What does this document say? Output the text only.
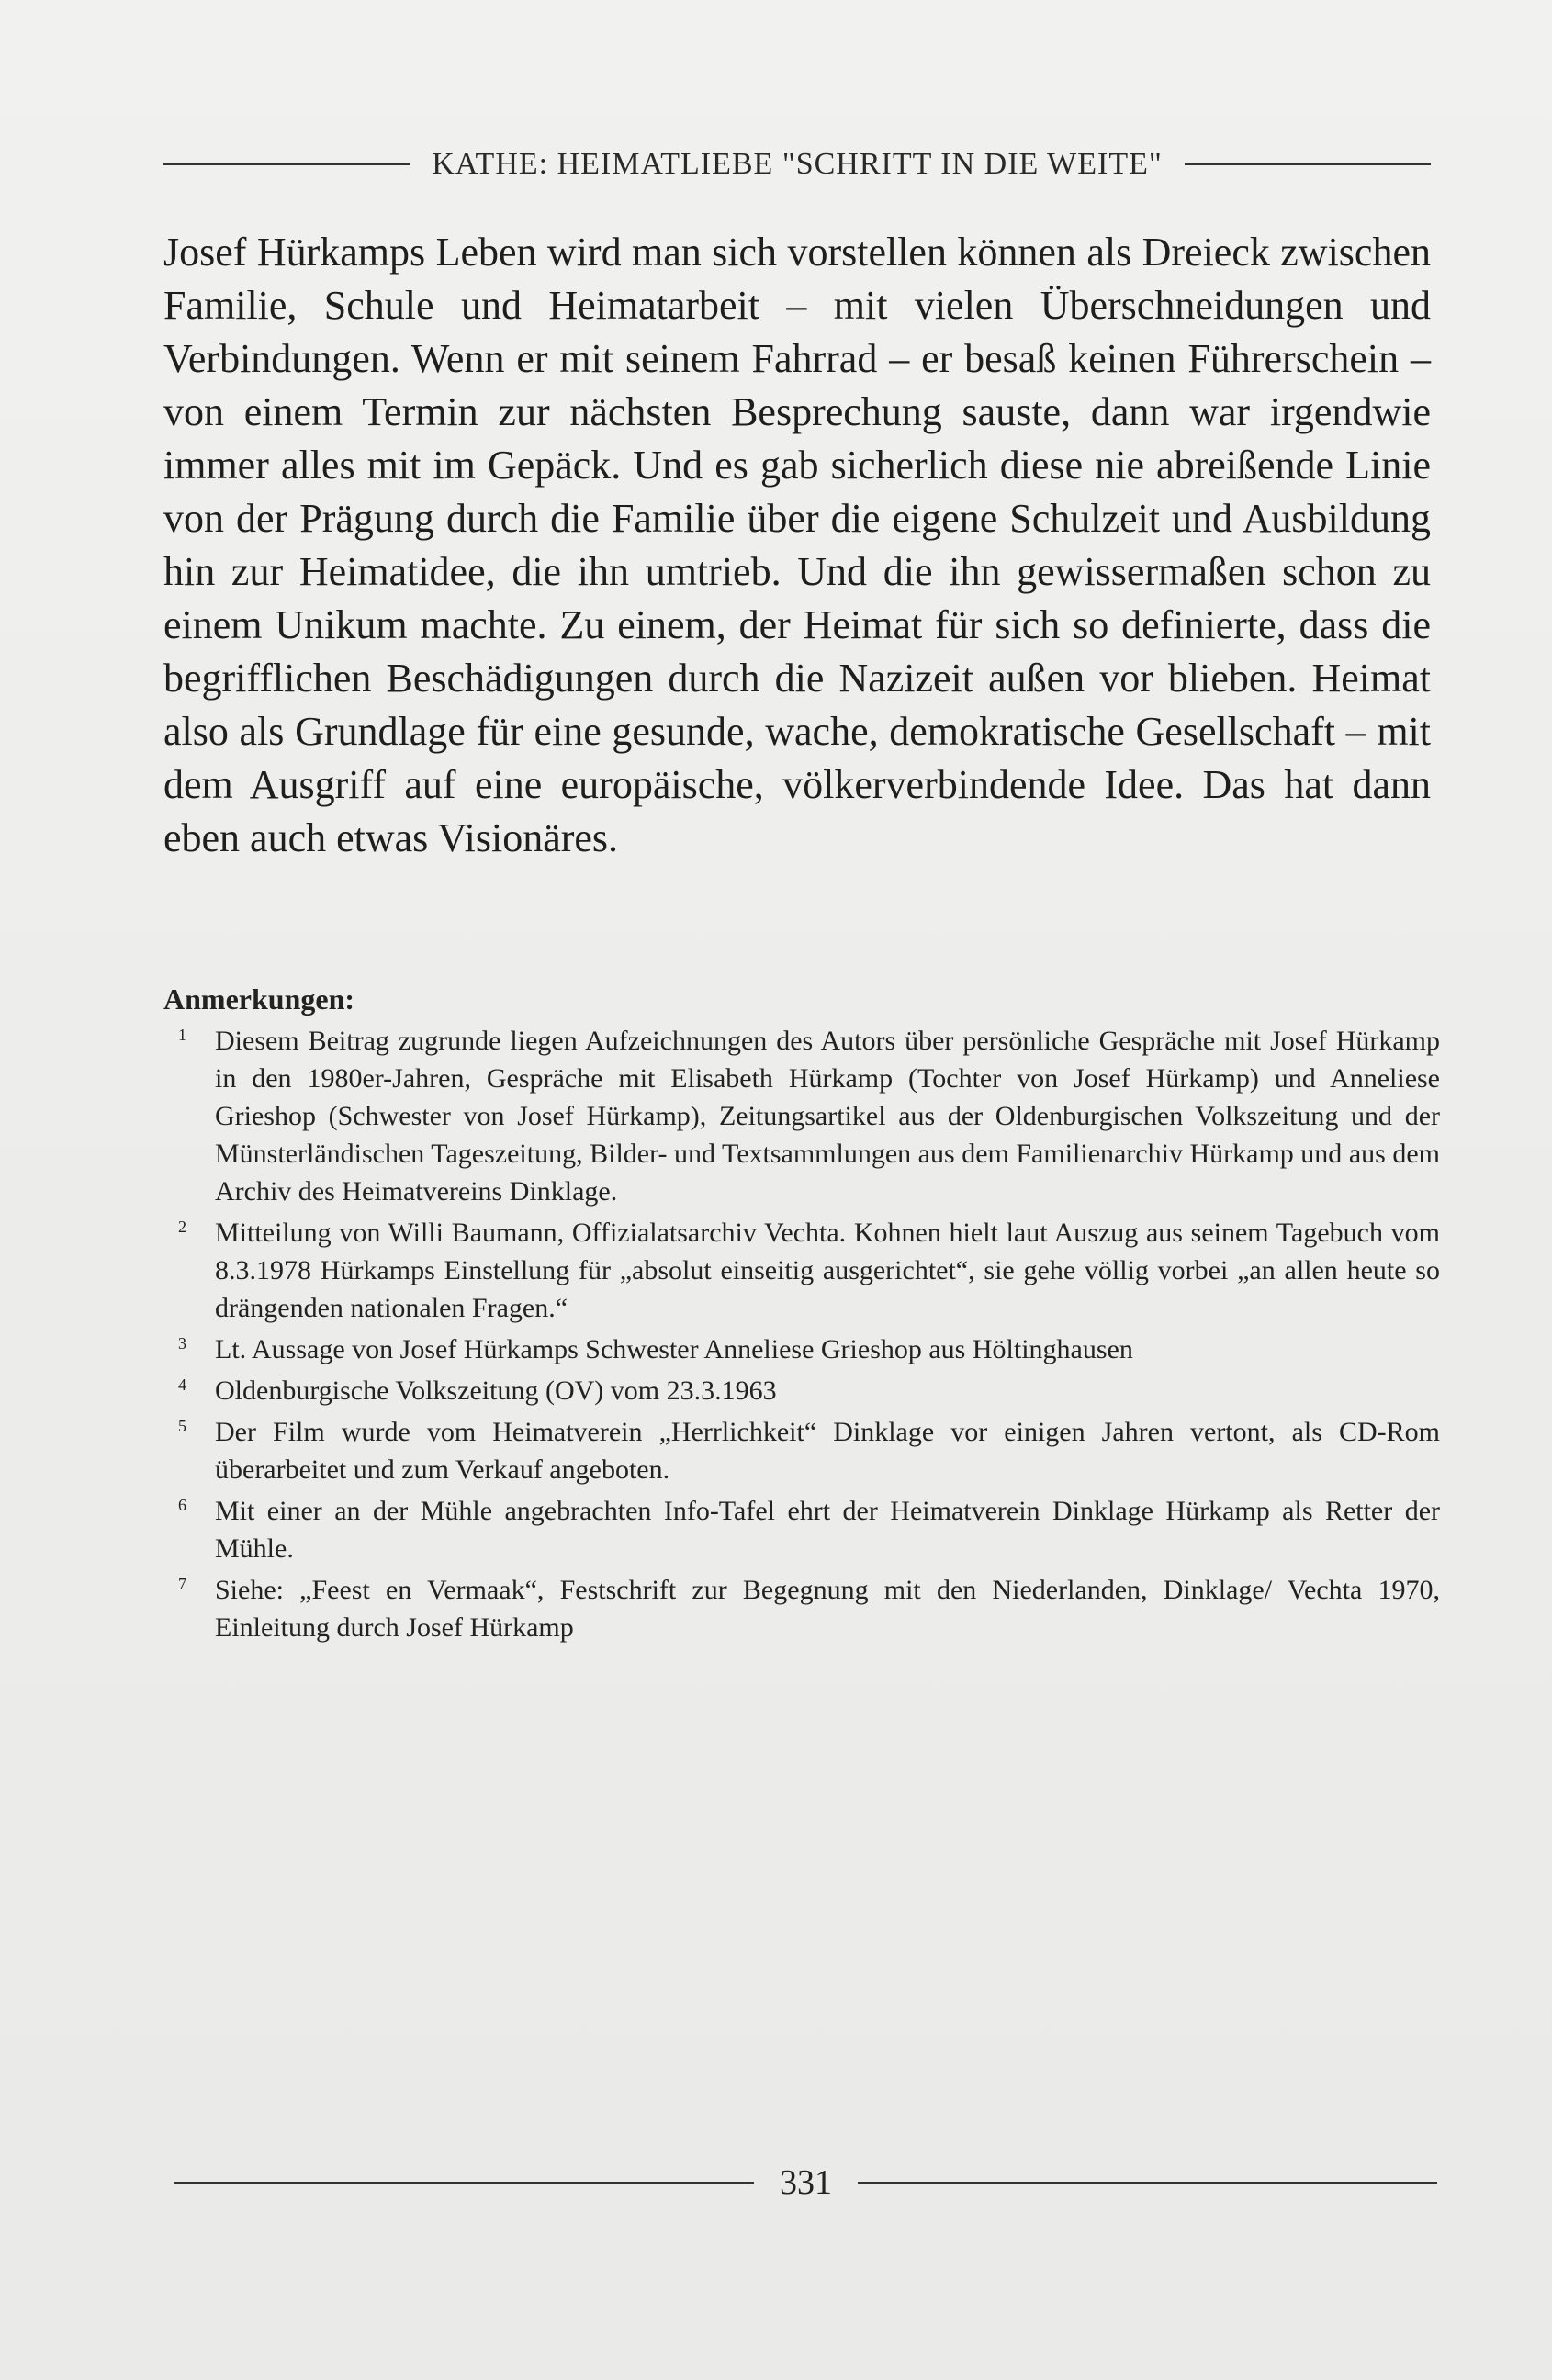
KATHE: HEIMATLIEBE "SCHRITT IN DIE WEITE"
Josef Hürkamps Leben wird man sich vorstellen können als Dreieck zwischen Familie, Schule und Heimatarbeit – mit vielen Überschneidungen und Verbindungen. Wenn er mit seinem Fahrrad – er besaß keinen Führerschein – von einem Termin zur nächsten Besprechung sauste, dann war irgendwie immer alles mit im Gepäck. Und es gab sicherlich diese nie abreißende Linie von der Prägung durch die Familie über die eigene Schulzeit und Ausbildung hin zur Heimatidee, die ihn umtrieb. Und die ihn gewissermaßen schon zu einem Unikum machte. Zu einem, der Heimat für sich so definierte, dass die begrifflichen Beschädigungen durch die Nazizeit außen vor blieben. Heimat also als Grundlage für eine gesunde, wache, demokratische Gesellschaft – mit dem Ausgriff auf eine europäische, völkerverbindende Idee. Das hat dann eben auch etwas Visionäres.
Anmerkungen:
1 Diesem Beitrag zugrunde liegen Aufzeichnungen des Autors über persönliche Gespräche mit Josef Hürkamp in den 1980er-Jahren, Gespräche mit Elisabeth Hürkamp (Tochter von Josef Hürkamp) und Anneliese Grieshop (Schwester von Josef Hürkamp), Zeitungsartikel aus der Oldenburgischen Volkszeitung und der Münsterländischen Tageszeitung, Bilder- und Textsammlungen aus dem Familienarchiv Hürkamp und aus dem Archiv des Heimatvereins Dinklage.
2 Mitteilung von Willi Baumann, Offizialatsarchiv Vechta. Kohnen hielt laut Auszug aus seinem Tagebuch vom 8.3.1978 Hürkamps Einstellung für „absolut einseitig ausgerichtet“, sie gehe völlig vorbei „an allen heute so drängenden nationalen Fragen.“
3 Lt. Aussage von Josef Hürkamps Schwester Anneliese Grieshop aus Höltinghausen
4 Oldenburgische Volkszeitung (OV) vom 23.3.1963
5 Der Film wurde vom Heimatverein „Herrlichkeit“ Dinklage vor einigen Jahren vertont, als CD-Rom überarbeitet und zum Verkauf angeboten.
6 Mit einer an der Mühle angebrachten Info-Tafel ehrt der Heimatverein Dinklage Hürkamp als Retter der Mühle.
7 Siehe: „Feest en Vermaak“, Festschrift zur Begegnung mit den Niederlanden, Dinklage/ Vechta 1970, Einleitung durch Josef Hürkamp
331
